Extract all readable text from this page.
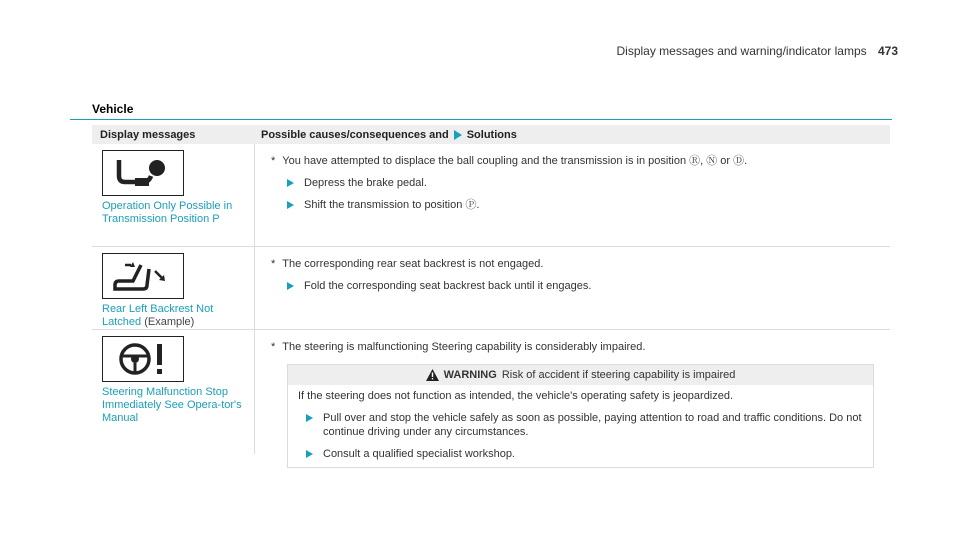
Display messages and warning/indicator lamps 473
Vehicle
Display messages	Possible causes/consequences and Solutions
Operation Only Possible in Transmission Position P
* You have attempted to displace the ball coupling and the transmission is in position Ⓡ, Ⓝ or Ⓓ.
Depress the brake pedal.
Shift the transmission to position Ⓟ.
Rear Left Backrest Not Latched (Example)
* The corresponding rear seat backrest is not engaged.
Fold the corresponding seat backrest back until it engages.
Steering Malfunction Stop Immediately See Opera-tor's Manual
* The steering is malfunctioning Steering capability is considerably impaired.
WARNING Risk of accident if steering capability is impaired
If the steering does not function as intended, the vehicle's operating safety is jeopardized.
Pull over and stop the vehicle safely as soon as possible, paying attention to road and traffic conditions. Do not continue driving under any circumstances.
Consult a qualified specialist workshop.
